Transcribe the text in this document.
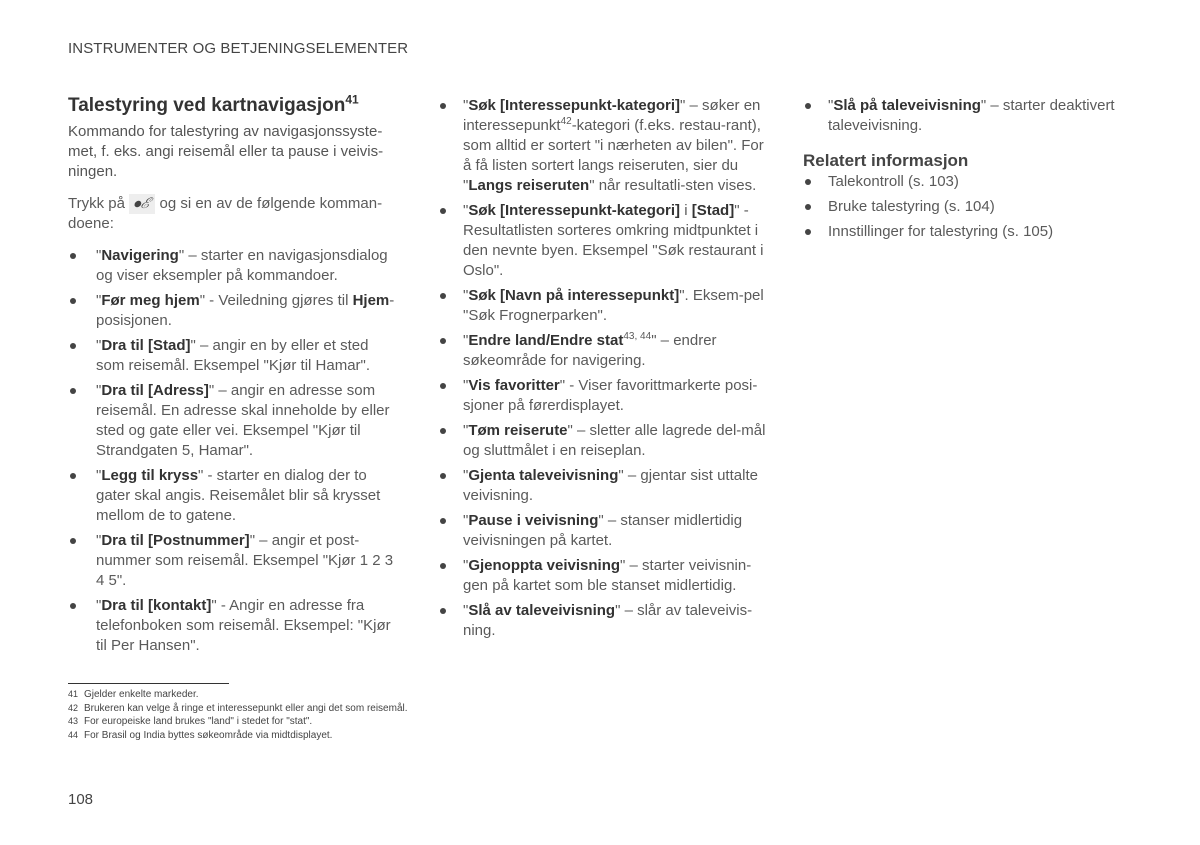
INSTRUMENTER OG BETJENINGSELEMENTER
Talestyring ved kartnavigasjon$^{41}$

Kommando for talestyring av navigasjonssyste-met, f. eks. angi reisemål eller ta pause i veivis-ningen.

Trykk på ⦁ℰ og si en av de følgende komman-doene:

"Navigering" – starter en navigasjonsdialog og viser eksempler på kommandoer.
"Før meg hjem" - Veiledning gjøres til Hjem-posisjonen.
"Dra til [Stad]" – angir en by eller et sted som reisemål. Eksempel "Kjør til Hamar".
"Dra til [Adress]" – angir en adresse som reisemål. En adresse skal inneholde by eller sted og gate eller vei. Eksempel "Kjør til Strandgaten 5, Hamar".
"Legg til kryss" - starter en dialog der to gater skal angis. Reisemålet blir så krysset mellom de to gatene.
"Dra til [Postnummer]" – angir et post-nummer som reisemål. Eksempel "Kjør 1 2 3 4 5".
"Dra til [kontakt]" - Angir en adresse fra telefonboken som reisemål. Eksempel: "Kjør til Per Hansen".
"Søk [Interessepunkt-kategori]" – søker en interessepunkt$^{42}$-kategori (f.eks. restau-rant), som alltid er sortert "i nærheten av bilen". For å få listen sortert langs reiseruten, sier du "Langs reiseruten" når resultatli-sten vises.
"Søk [Interessepunkt-kategori] i [Stad]" - Resultatlisten sorteres omkring midtpunktet i den nevnte byen. Eksempel "Søk restaurant i Oslo".
"Søk [Navn på interessepunkt]". Eksem-pel "Søk Frognerparken".
"Endre land/Endre stat$^{43, 44}$" – endrer søkeområde for navigering.
"Vis favoritter" - Viser favorittmarkerte posi-sjoner på førerdisplayet.
"Tøm reiserute" – sletter alle lagrede del-mål og sluttmålet i en reiseplan.
"Gjenta taleveivisning" – gjentar sist uttalte veivisning.
"Pause i veivisning" – stanser midlertidig veivisningen på kartet.
"Gjenoppta veivisning" – starter veivisnin-gen på kartet som ble stanset midlertidig.
"Slå av taleveivisning" – slår av taleveivis-ning.
"Slå på taleveivisning" – starter deaktivert taleveivisning.
Relatert informasjon
Talekontroll (s. 103)
Bruke talestyring (s. 104)
Innstillinger for talestyring (s. 105)
41 Gjelder enkelte markeder.
42 Brukeren kan velge å ringe et interessepunkt eller angi det som reisemål.
43 For europeiske land brukes "land" i stedet for "stat".
44 For Brasil og India byttes søkeområde via midtdisplayet.
108
